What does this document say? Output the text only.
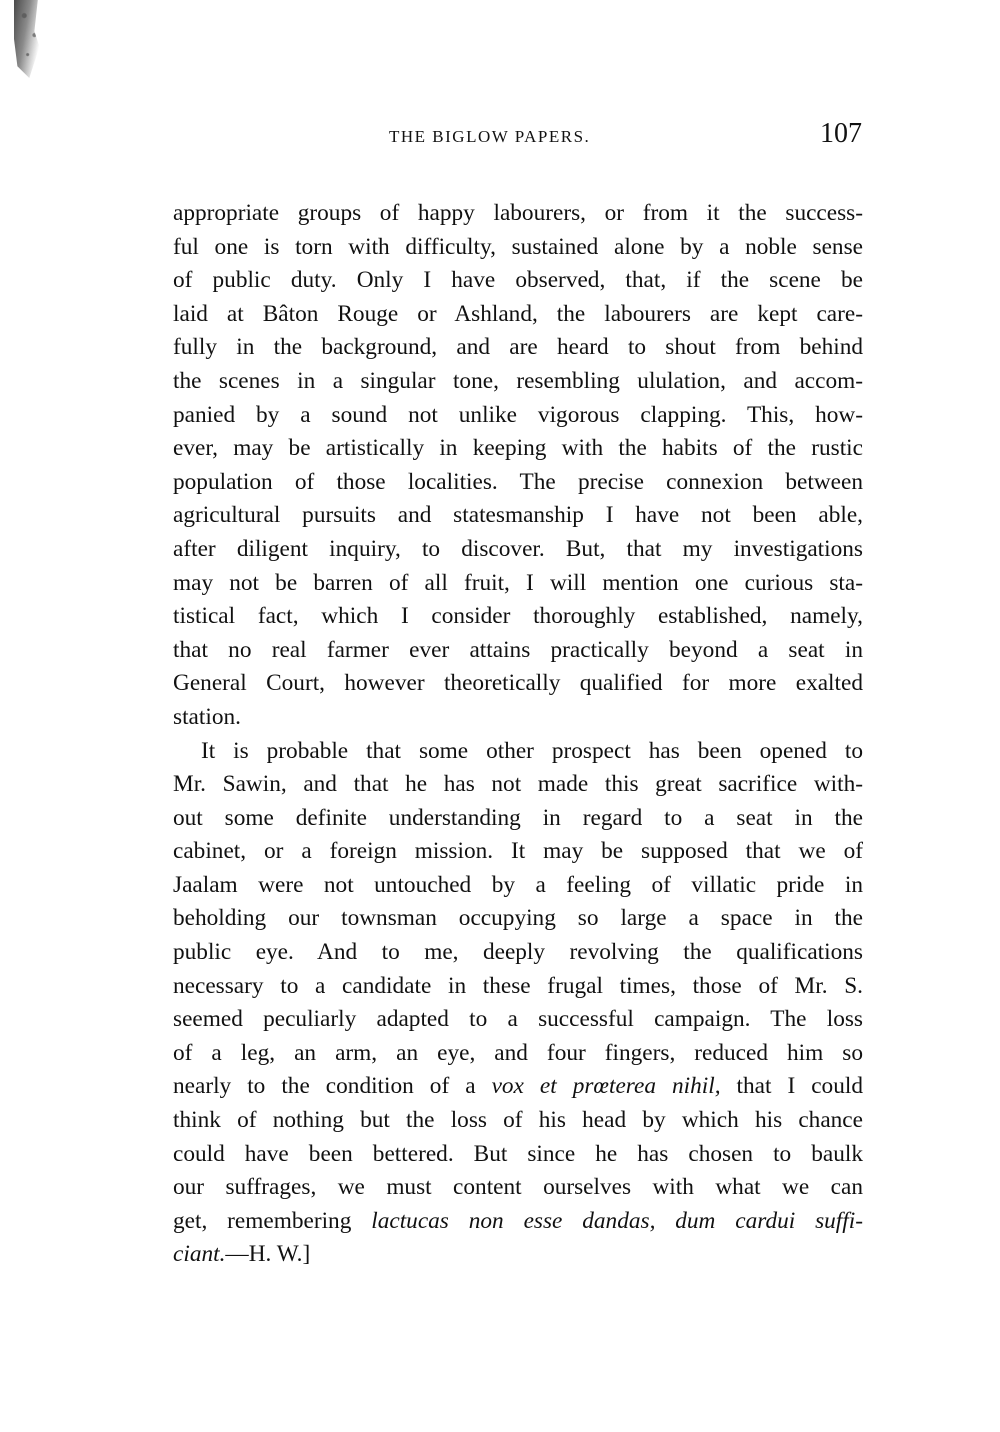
THE BIGLOW PAPERS.	107
appropriate groups of happy labourers, or from it the success-
ful one is torn with difficulty, sustained alone by a noble sense
of public duty. Only I have observed, that, if the scene be
laid at Bâton Rouge or Ashland, the labourers are kept care-
fully in the background, and are heard to shout from behind
the scenes in a singular tone, resembling ululation, and accom-
panied by a sound not unlike vigorous clapping. This, how-
ever, may be artistically in keeping with the habits of the rustic
population of those localities. The precise connexion between
agricultural pursuits and statesmanship I have not been able,
after diligent inquiry, to discover. But, that my investigations
may not be barren of all fruit, I will mention one curious sta-
tistical fact, which I consider thoroughly established, namely,
that no real farmer ever attains practically beyond a seat in
General Court, however theoretically qualified for more exalted
station.
It is probable that some other prospect has been opened to
Mr. Sawin, and that he has not made this great sacrifice with-
out some definite understanding in regard to a seat in the
cabinet, or a foreign mission. It may be supposed that we of
Jaalam were not untouched by a feeling of villatic pride in
beholding our townsman occupying so large a space in the
public eye. And to me, deeply revolving the qualifications
necessary to a candidate in these frugal times, those of Mr. S.
seemed peculiarly adapted to a successful campaign. The loss
of a leg, an arm, an eye, and four fingers, reduced him so
nearly to the condition of a vox et prœterea nihil, that I could
think of nothing but the loss of his head by which his chance
could have been bettered. But since he has chosen to baulk
our suffrages, we must content ourselves with what we can
get, remembering lactucas non esse dandas, dum cardui suffi-
ciant.—H. W.]
